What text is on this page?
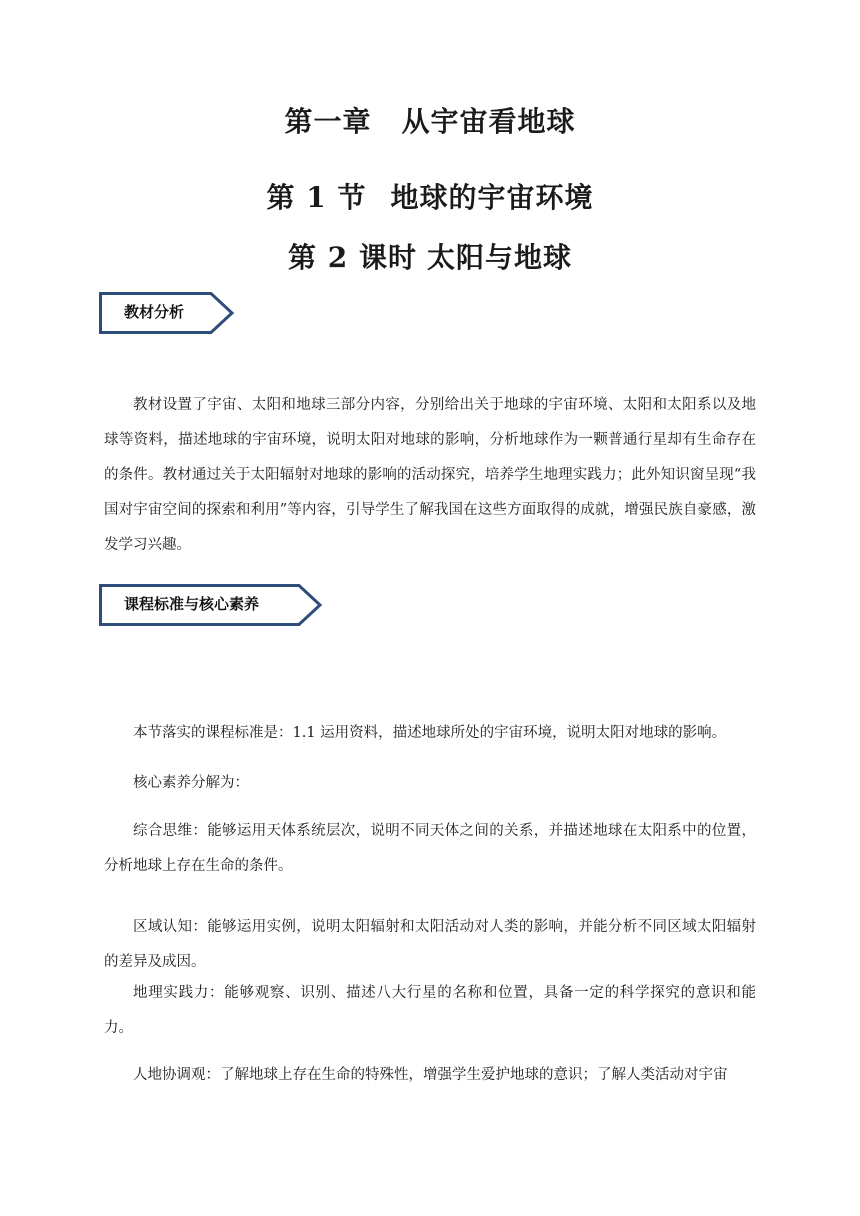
第一章 从宇宙看地球
第 1 节 地球的宇宙环境
第 2 课时 太阳与地球
教材分析

教材设置了宇宙、太阳和地球三部分内容，分别给出关于地球的宇宙环境、太阳和太阳系以及地球等资料，描述地球的宇宙环境，说明太阳对地球的影响，分析地球作为一颗普通行星却有生命存在的条件。教材通过关于太阳辐射对地球的影响的活动探究，培养学生地理实践力；此外知识窗呈现“我国对宇宙空间的探索和利用”等内容，引导学生了解我国在这些方面取得的成就，增强民族自豪感，激发学习兴趣。

课程标准与核心素养

本节落实的课程标准是：1.1 运用资料，描述地球所处的宇宙环境，说明太阳对地球的影响。

核心素养分解为：

综合思维：能够运用天体系统层次，说明不同天体之间的关系，并描述地球在太阳系中的位置，分析地球上存在生命的条件。

区域认知：能够运用实例，说明太阳辐射和太阳活动对人类的影响，并能分析不同区域太阳辐射的差异及成因。

地理实践力：能够观察、识别、描述八大行星的名称和位置，具备一定的科学探究的意识和能力。

人地协调观：了解地球上存在生命的特殊性，增强学生爱护地球的意识；了解人类活动对宇宙
